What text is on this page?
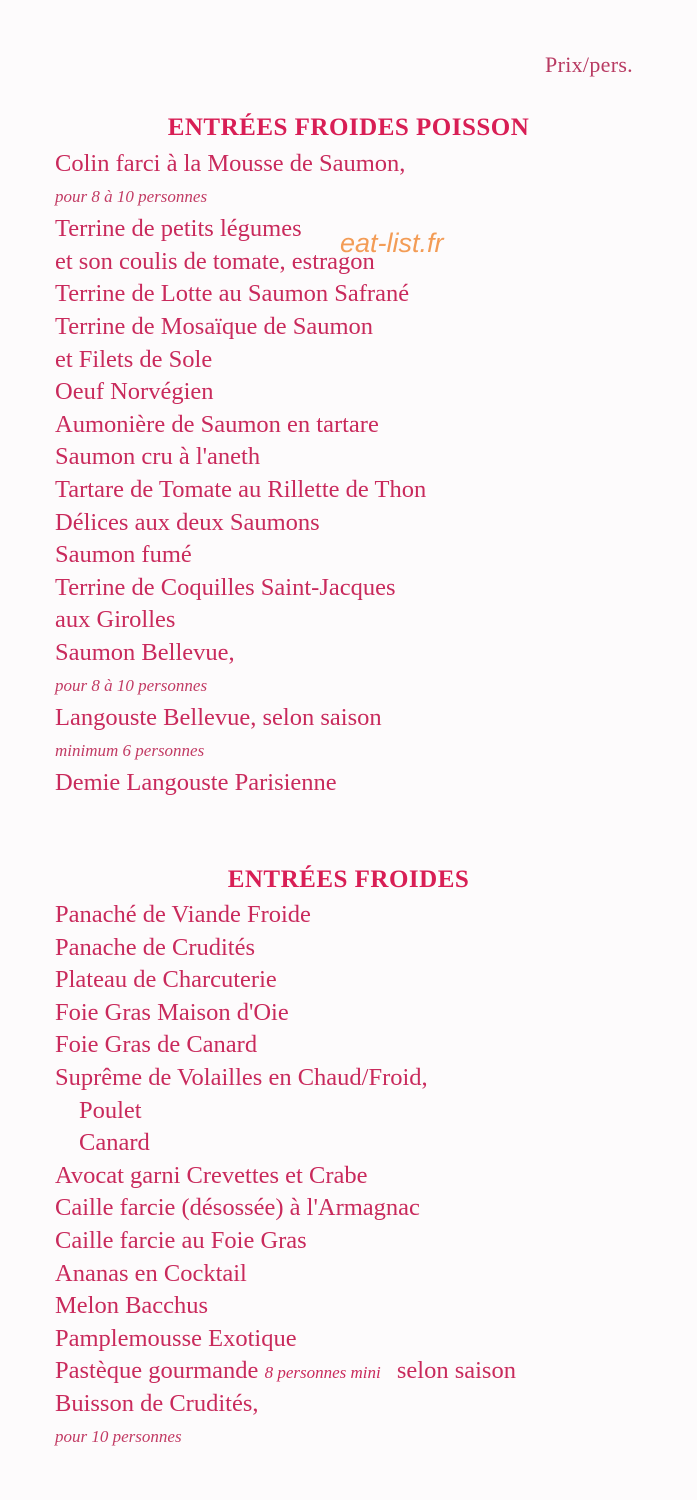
Prix/pers.
ENTRÉES FROIDES POISSON
Colin farci à la Mousse de Saumon,
pour 8 à 10 personnes
Terrine de petits légumes
et son coulis de tomate, estragon
Terrine de Lotte au Saumon Safrané
Terrine de Mosaïque de Saumon
et Filets de Sole
Oeuf Norvégien
Aumonière de Saumon en tartare
Saumon cru à l'aneth
Tartare de Tomate au Rillette de Thon
Délices aux deux Saumons
Saumon fumé
Terrine de Coquilles Saint-Jacques
aux Girolles
Saumon Bellevue,
pour 8 à 10 personnes
Langouste Bellevue, selon saison
minimum 6 personnes
Demie Langouste Parisienne
ENTRÉES FROIDES
Panaché de Viande Froide
Panache de Crudités
Plateau de Charcuterie
Foie Gras Maison d'Oie
Foie Gras de Canard
Suprême de Volailles en Chaud/Froid,
Poulet
Canard
Avocat garni Crevettes et Crabe
Caille farcie (désossée) à l'Armagnac
Caille farcie au Foie Gras
Ananas en Cocktail
Melon Bacchus
Pamplemousse Exotique
Pastèque gourmande 8 personnes mini selon saison
Buisson de Crudités,
pour 10 personnes
eat-list.fr
